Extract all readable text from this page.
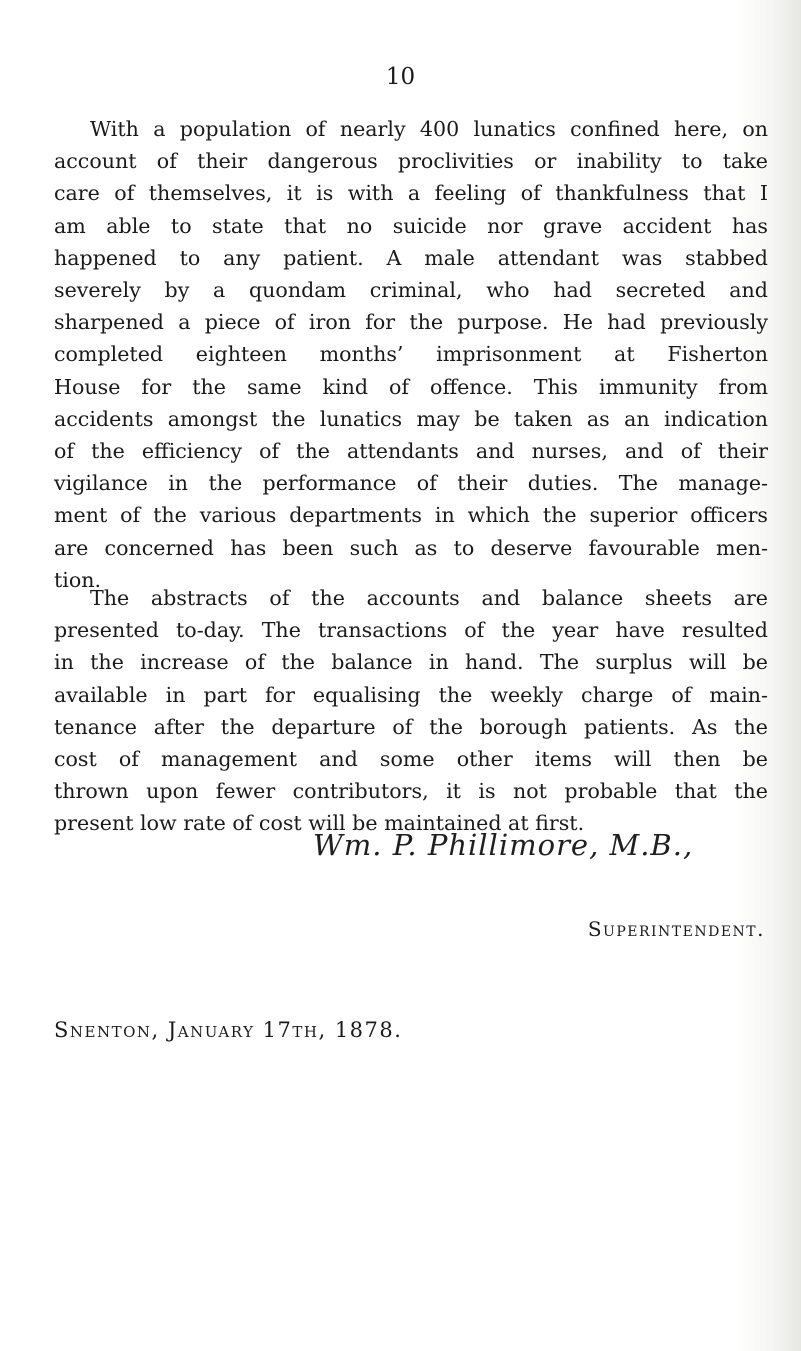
10
With a population of nearly 400 lunatics confined here, on
account of their dangerous proclivities or inability to take
care of themselves, it is with a feeling of thankfulness that I
am able to state that no suicide nor grave accident has
happened to any patient. A male attendant was stabbed
severely by a quondam criminal, who had secreted and
sharpened a piece of iron for the purpose. He had previously
completed eighteen months’ imprisonment at Fisherton
House for the same kind of offence. This immunity from
accidents amongst the lunatics may be taken as an indication
of the efficiency of the attendants and nurses, and of their
vigilance in the performance of their duties. The manage-
ment of the various departments in which the superior officers
are concerned has been such as to deserve favourable men-
tion.
The abstracts of the accounts and balance sheets are
presented to-day. The transactions of the year have resulted
in the increase of the balance in hand. The surplus will be
available in part for equalising the weekly charge of main-
tenance after the departure of the borough patients. As the
cost of management and some other items will then be
thrown upon fewer contributors, it is not probable that the
present low rate of cost will be maintained at first.
Wm. P. Phillimore, M.B.,
Superintendent.
Snenton, January 17th, 1878.
